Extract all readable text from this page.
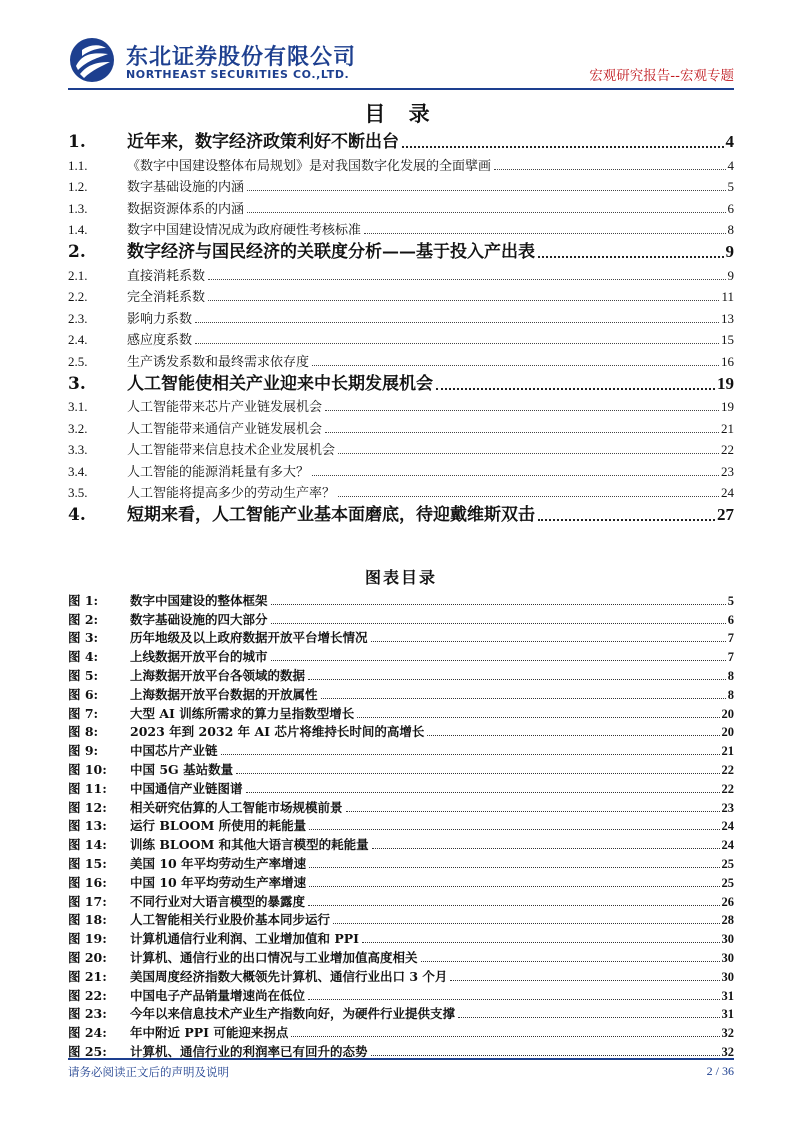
东北证券股份有限公司
NORTHEAST SECURITIES CO.,LTD.	宏观研究报告--宏观专题
目 录
1.	近年来，数字经济政策利好不断出台	4
1.1.	《数字中国建设整体布局规划》是对我国数字化发展的全面擘画	4
1.2.	数字基础设施的内涵	5
1.3.	数据资源体系的内涵	6
1.4.	数字中国建设情况成为政府硬性考核标准	8
2.	数字经济与国民经济的关联度分析——基于投入产出表	9
2.1.	直接消耗系数	9
2.2.	完全消耗系数	11
2.3.	影响力系数	13
2.4.	感应度系数	15
2.5.	生产诱发系数和最终需求依存度	16
3.	人工智能使相关产业迎来中长期发展机会	19
3.1.	人工智能带来芯片产业链发展机会	19
3.2.	人工智能带来通信产业链发展机会	21
3.3.	人工智能带来信息技术企业发展机会	22
3.4.	人工智能的能源消耗量有多大？	23
3.5.	人工智能将提高多少的劳动生产率？	24
4.	短期来看，人工智能产业基本面磨底，待迎戴维斯双击	27
图表目录
图 1:	数字中国建设的整体框架	5
图 2:	数字基础设施的四大部分	6
图 3:	历年地级及以上政府数据开放平台增长情况	7
图 4:	上线数据开放平台的城市	7
图 5:	上海数据开放平台各领域的数据	8
图 6:	上海数据开放平台数据的开放属性	8
图 7:	大型 AI 训练所需求的算力呈指数型增长	20
图 8:	2023 年到 2032 年 AI 芯片将维持长时间的高增长	20
图 9:	中国芯片产业链	21
图 10:	中国 5G 基站数量	22
图 11:	中国通信产业链图谱	22
图 12:	相关研究估算的人工智能市场规模前景	23
图 13:	运行 BLOOM 所使用的耗能量	24
图 14:	训练 BLOOM 和其他大语言模型的耗能量	24
图 15:	美国 10 年平均劳动生产率增速	25
图 16:	中国 10 年平均劳动生产率增速	25
图 17:	不同行业对大语言模型的暴露度	26
图 18:	人工智能相关行业股价基本同步运行	28
图 19:	计算机通信行业利润、工业增加值和 PPI	30
图 20:	计算机、通信行业的出口情况与工业增加值高度相关	30
图 21:	美国周度经济指数大概领先计算机、通信行业出口 3 个月	30
图 22:	中国电子产品销量增速尚在低位	31
图 23:	今年以来信息技术产业生产指数向好，为硬件行业提供支撑	31
图 24:	年中附近 PPI 可能迎来拐点	32
图 25:	计算机、通信行业的利润率已有回升的态势	32
请务必阅读正文后的声明及说明	2 / 36
